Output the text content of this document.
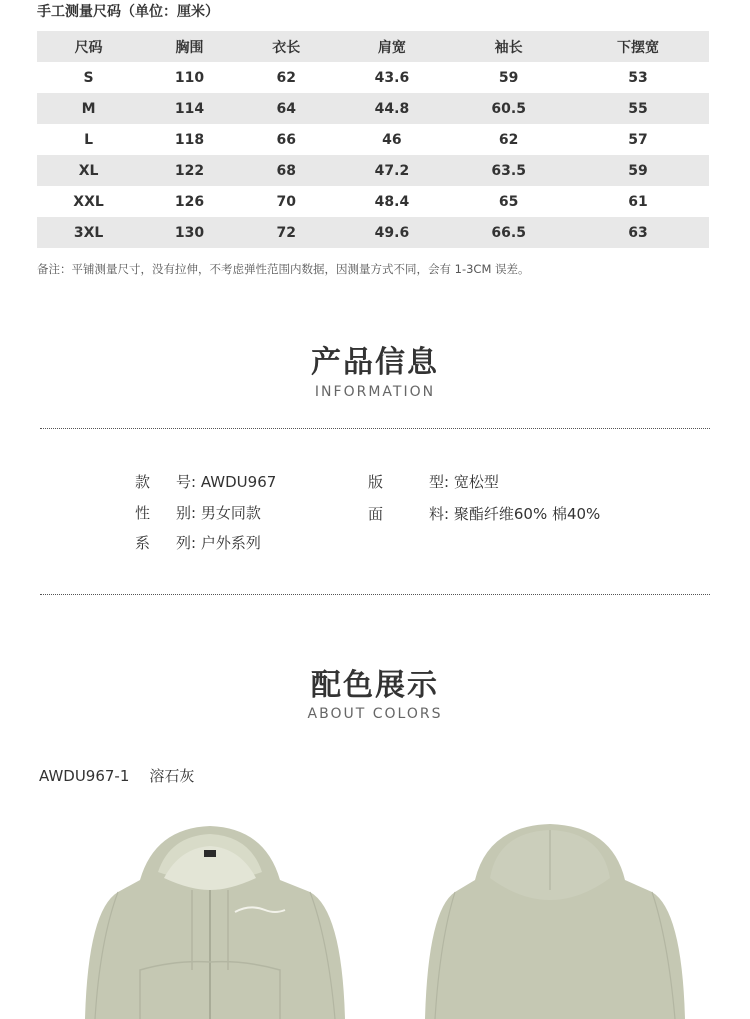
手工测量尺码（单位：厘米）
尺码	胸围	衣长	肩宽	袖长	下摆宽
S	110	62	43.6	59	53
M	114	64	44.8	60.5	55
L	118	66	46	62	57
XL	122	68	47.2	63.5	59
XXL	126	70	48.4	65	61
3XL	130	72	49.6	66.5	63
备注：平铺测量尺寸，没有拉伸，不考虑弹性范围内数据，因测量方式不同，会有 1-3CM 误差。
产品信息
INFORMATION
款 号: AWDU967	版	型: 宽松型
性 别: 男女同款	面	料: 聚酯纤维60% 棉40%
系 列: 户外系列
配色展示
ABOUT COLORS
AWDU967-1 溶石灰
